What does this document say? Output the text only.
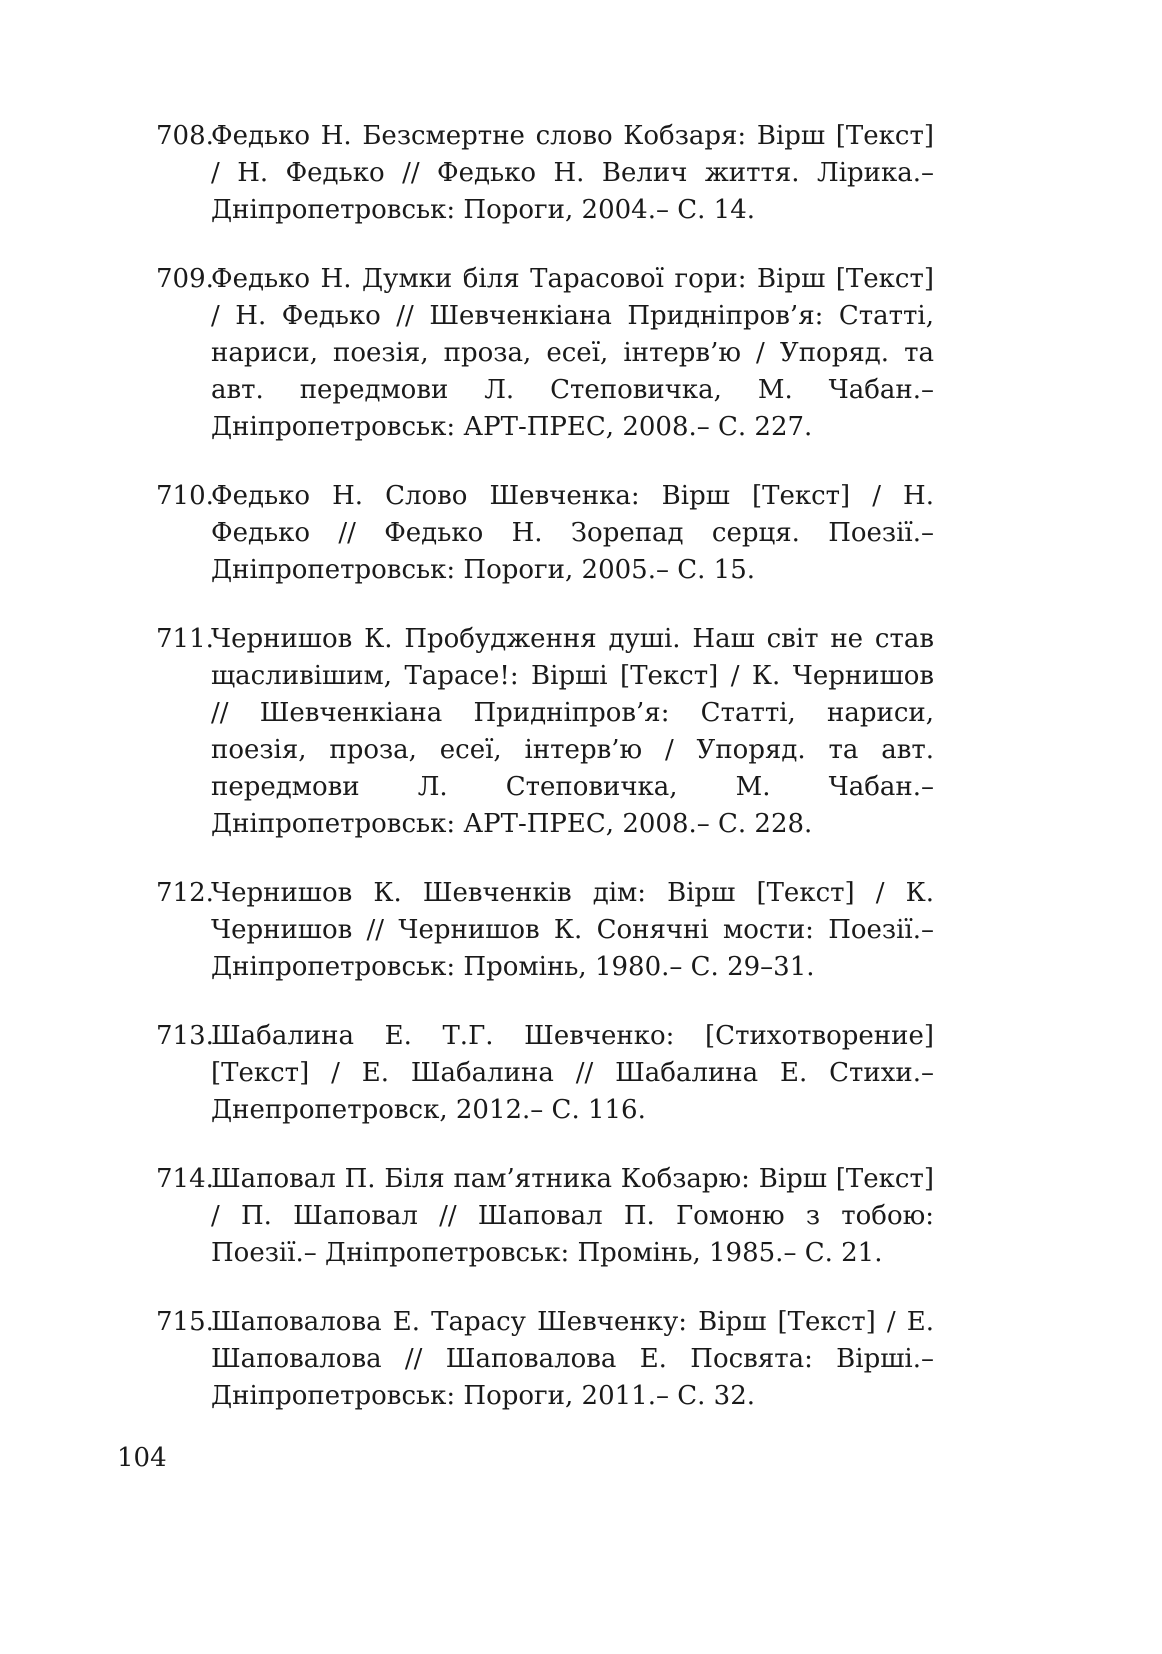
708.
Федько Н. Безсмертне слово Кобзаря: Вірш [Текст] / Н. Федько // Федько Н. Велич життя. Лірика.– Дніпропетровськ: Пороги, 2004.– С. 14.
709.
Федько Н. Думки біля Тарасової гори: Вірш [Текст] / Н. Федько // Шевченкіана Придніпров’я: Статті, нариси, поезія, проза, есеї, інтерв’ю / Упоряд. та авт. передмови Л. Степовичка, М. Чабан.– Дніпропетровськ: АРТ-ПРЕС, 2008.– С. 227.
710.
Федько Н. Слово Шевченка: Вірш [Текст] / Н. Федько // Федько Н. Зорепад серця. Поезії.– Дніпропетровськ: Пороги, 2005.– С. 15.
711.
Чернишов К. Пробудження душі. Наш світ не став щасливішим, Тарасе!: Вірші [Текст] / К. Чернишов // Шевченкіана Придніпров’я: Статті, нариси, поезія, проза, есеї, інтерв’ю / Упоряд. та авт. передмови Л. Степовичка, М. Чабан.– Дніпропетровськ: АРТ-ПРЕС, 2008.– С. 228.
712.
Чернишов К. Шевченків дім: Вірш [Текст] / К. Чернишов // Чернишов К. Сонячні мости: Поезії.– Дніпропетровськ: Промінь, 1980.– С. 29–31.
713.
Шабалина Е. Т.Г. Шевченко: [Стихотворение] [Текст] / Е. Шабалина // Шабалина Е. Стихи.– Днепропетровск, 2012.– С. 116.
714.
Шаповал П. Біля пам’ятника Кобзарю: Вірш [Текст] / П. Шаповал // Шаповал П. Гомоню з тобою: Поезії.– Дніпропетровськ: Промінь, 1985.– С. 21.
715.
Шаповалова Е. Тарасу Шевченку: Вірш [Текст] / Е. Шаповалова // Шаповалова Е. Посвята: Вірші.– Дніпропетровськ: Пороги, 2011.– С. 32.
104
